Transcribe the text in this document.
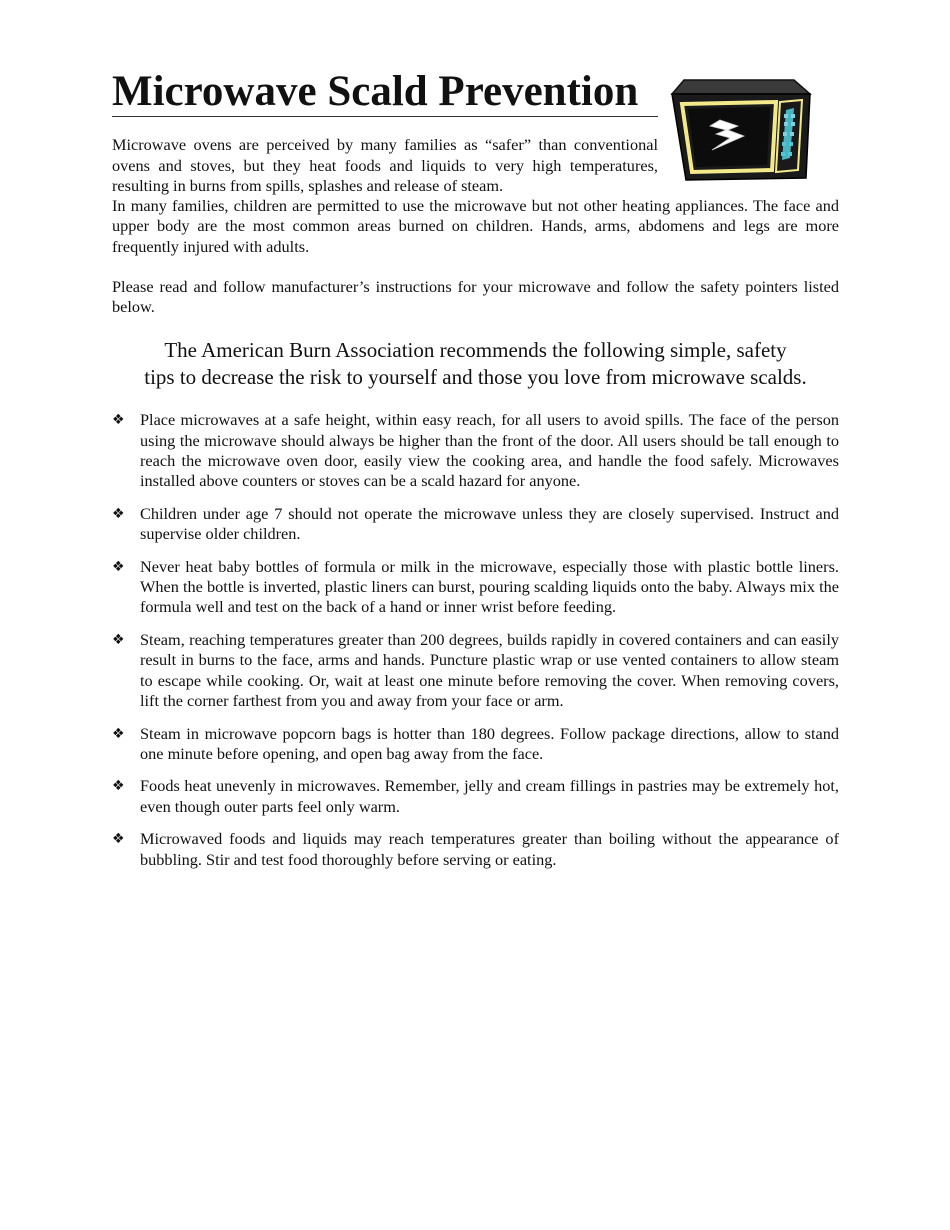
Microwave Scald Prevention

Microwave ovens are perceived by many families as “safer” than conventional ovens and stoves, but they heat foods and liquids to very high temperatures, resulting in burns from spills, splashes and release of steam.

In many families, children are permitted to use the microwave but not other heating appliances. The face and upper body are the most common areas burned on children. Hands, arms, abdomens and legs are more frequently injured with adults.

Please read and follow manufacturer’s instructions for your microwave and follow the safety pointers listed below.

The American Burn Association recommends the following simple, safety
tips to decrease the risk to yourself and those you love from microwave scalds.
❖ Place microwaves at a safe height, within easy reach, for all users to avoid spills. The face of the person using the microwave should always be higher than the front of the door. All users should be tall enough to reach the microwave oven door, easily view the cooking area, and handle the food safely. Microwaves installed above counters or stoves can be a scald hazard for anyone.
❖ Children under age 7 should not operate the microwave unless they are closely supervised. Instruct and supervise older children.
❖ Never heat baby bottles of formula or milk in the microwave, especially those with plastic bottle liners. When the bottle is inverted, plastic liners can burst, pouring scalding liquids onto the baby. Always mix the formula well and test on the back of a hand or inner wrist before feeding.
❖ Steam, reaching temperatures greater than 200 degrees, builds rapidly in covered containers and can easily result in burns to the face, arms and hands. Puncture plastic wrap or use vented containers to allow steam to escape while cooking. Or, wait at least one minute before removing the cover. When removing covers, lift the corner farthest from you and away from your face or arm.
❖ Steam in microwave popcorn bags is hotter than 180 degrees. Follow package directions, allow to stand one minute before opening, and open bag away from the face.
❖ Foods heat unevenly in microwaves. Remember, jelly and cream fillings in pastries may be extremely hot, even though outer parts feel only warm.
❖ Microwaved foods and liquids may reach temperatures greater than boiling without the appearance of bubbling. Stir and test food thoroughly before serving or eating.
